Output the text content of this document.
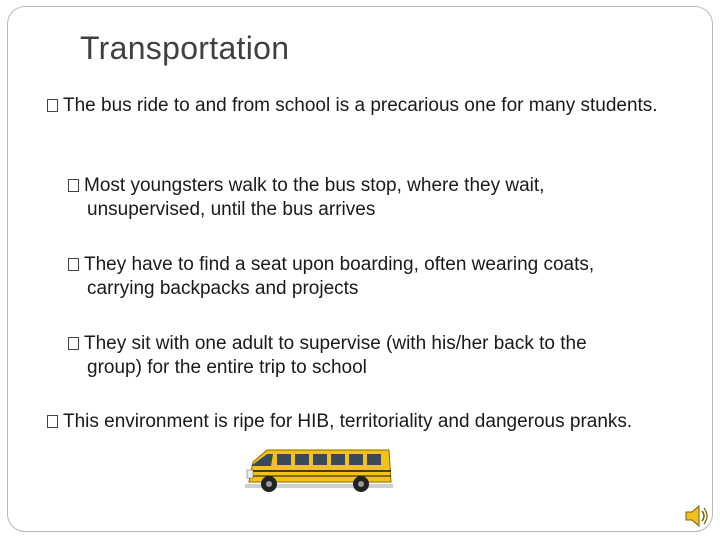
Transportation
The bus ride to and from school is a precarious one for many students.
Most youngsters walk to the bus stop, where they wait,
unsupervised, until the bus arrives
They have to find a seat upon boarding, often wearing coats,
carrying backpacks and projects
They sit with one adult to supervise (with his/her back to the
group) for the entire trip to school
This environment is ripe for HIB, territoriality and dangerous pranks.
